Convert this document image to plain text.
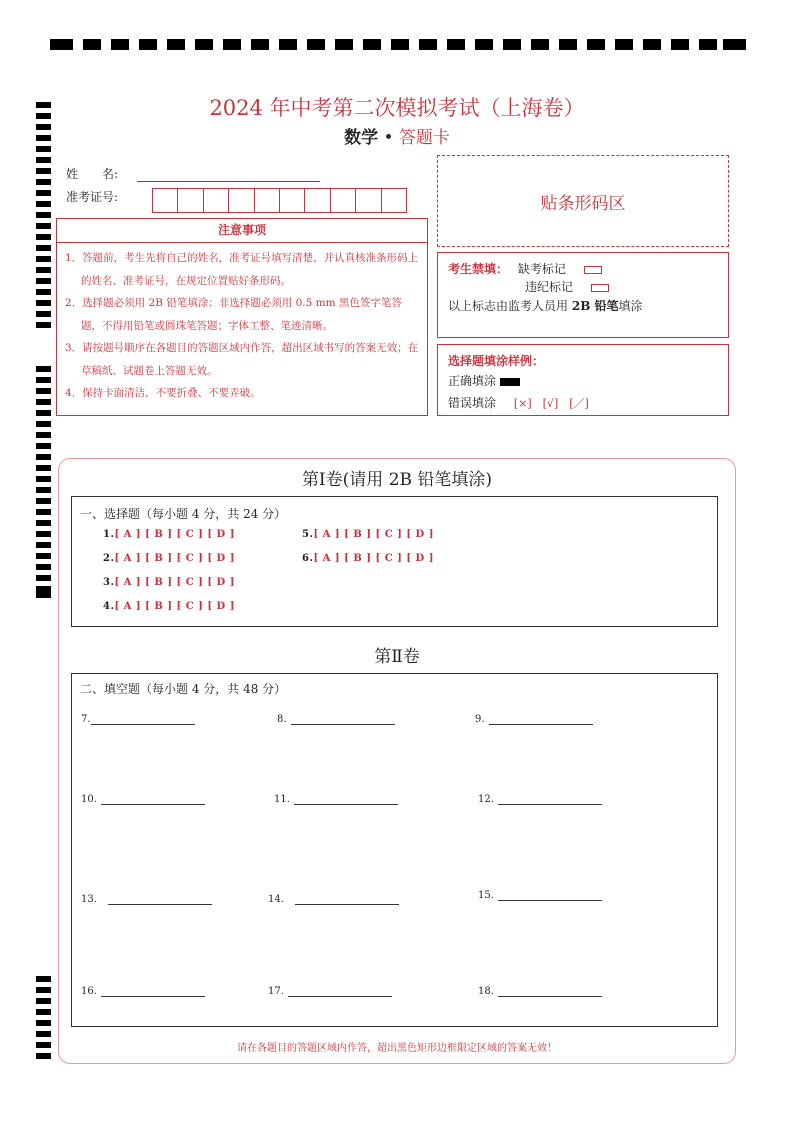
2024 年中考第二次模拟考试（上海卷）
数学 • 答题卡
姓　　名:
准考证号:	贴条形码区
注意事项

1．答题前，考生先将自己的姓名，准考证号填写清楚，并认真核准条形码上的姓名、准考证号，在规定位置贴好条形码。

2．选择题必须用 2B 铅笔填涂；非选择题必须用 0.5 mm 黑色签字笔答题，不得用铅笔或圆珠笔答题；字体工整、笔迹清晰。

3．请按题号顺序在各题目的答题区域内作答，超出区域书写的答案无效；在草稿纸、试题卷上答题无效。

4．保持卡面清洁，不要折叠、不要弄破。

考生禁填： 缺考标记
违纪标记
以上标志由监考人员用 2B 铅笔填涂
选择题填涂样例：
正确填涂
错误填涂 [×]　[√]　[／]
第Ⅰ卷(请用 2B 铅笔填涂)
一、选择题（每小题 4 分，共 24 分）
1.[ A ] [ B ] [ C ] [ D ]
2.[ A ] [ B ] [ C ] [ D ]
3.[ A ] [ B ] [ C ] [ D ]
4.[ A ] [ B ] [ C ] [ D ]
5.[ A ] [ B ] [ C ] [ D ]
6.[ A ] [ B ] [ C ] [ D ]
第Ⅱ卷
二、填空题（每小题 4 分，共 48 分）
7.	8.	9.
10.	11.	12.
13．	14．	15.
16.	17.	18.
请在各题目的答题区域内作答，超出黑色矩形边框限定区域的答案无效！
